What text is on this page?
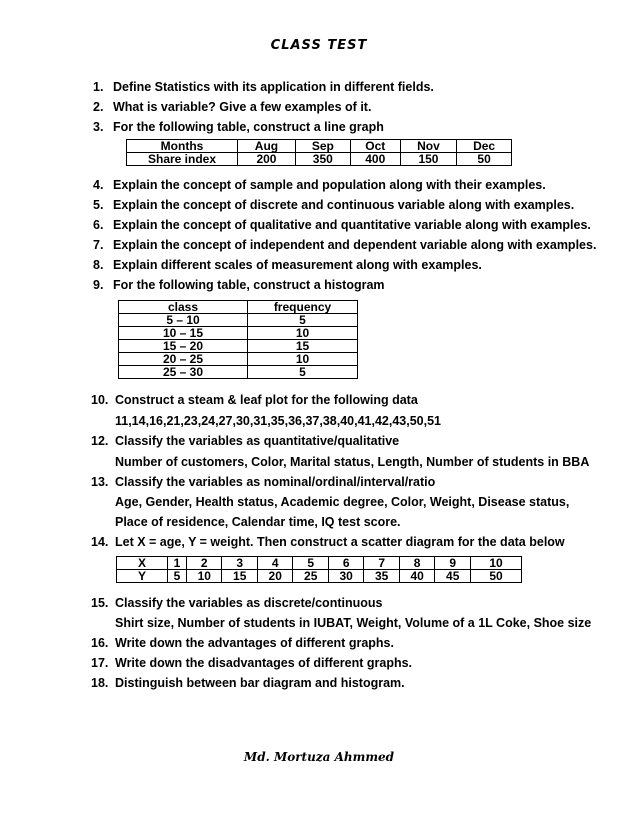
CLASS TEST
1. Define Statistics with its application in different fields.
2. What is variable? Give a few examples of it.
3. For the following table, construct a line graph
Months	Aug	Sep	Oct	Nov	Dec
Share index	200	350	400	150	50
4. Explain the concept of sample and population along with their examples.
5. Explain the concept of discrete and continuous variable along with examples.
6. Explain the concept of qualitative and quantitative variable along with examples.
7. Explain the concept of independent and dependent variable along with examples.
8. Explain different scales of measurement along with examples.
9. For the following table, construct a histogram
class	frequency
5 – 10	5
10 – 15	10
15 – 20	15
20 – 25	10
25 – 30	5
10. Construct a steam & leaf plot for the following data
11,14,16,21,23,24,27,30,31,35,36,37,38,40,41,42,43,50,51
12. Classify the variables as quantitative/qualitative
Number of customers, Color, Marital status, Length, Number of students in BBA
13. Classify the variables as nominal/ordinal/interval/ratio
Age, Gender, Health status, Academic degree, Color, Weight, Disease status,
Place of residence, Calendar time, IQ test score.
14. Let X = age, Y = weight. Then construct a scatter diagram for the data below
X	1	2	3	4	5	6	7	8	9	10
Y	5	10	15	20	25	30	35	40	45	50
15. Classify the variables as discrete/continuous
Shirt size, Number of students in IUBAT, Weight, Volume of a 1L Coke, Shoe size
16. Write down the advantages of different graphs.
17. Write down the disadvantages of different graphs.
18. Distinguish between bar diagram and histogram.
Md. Mortuza Ahmmed
